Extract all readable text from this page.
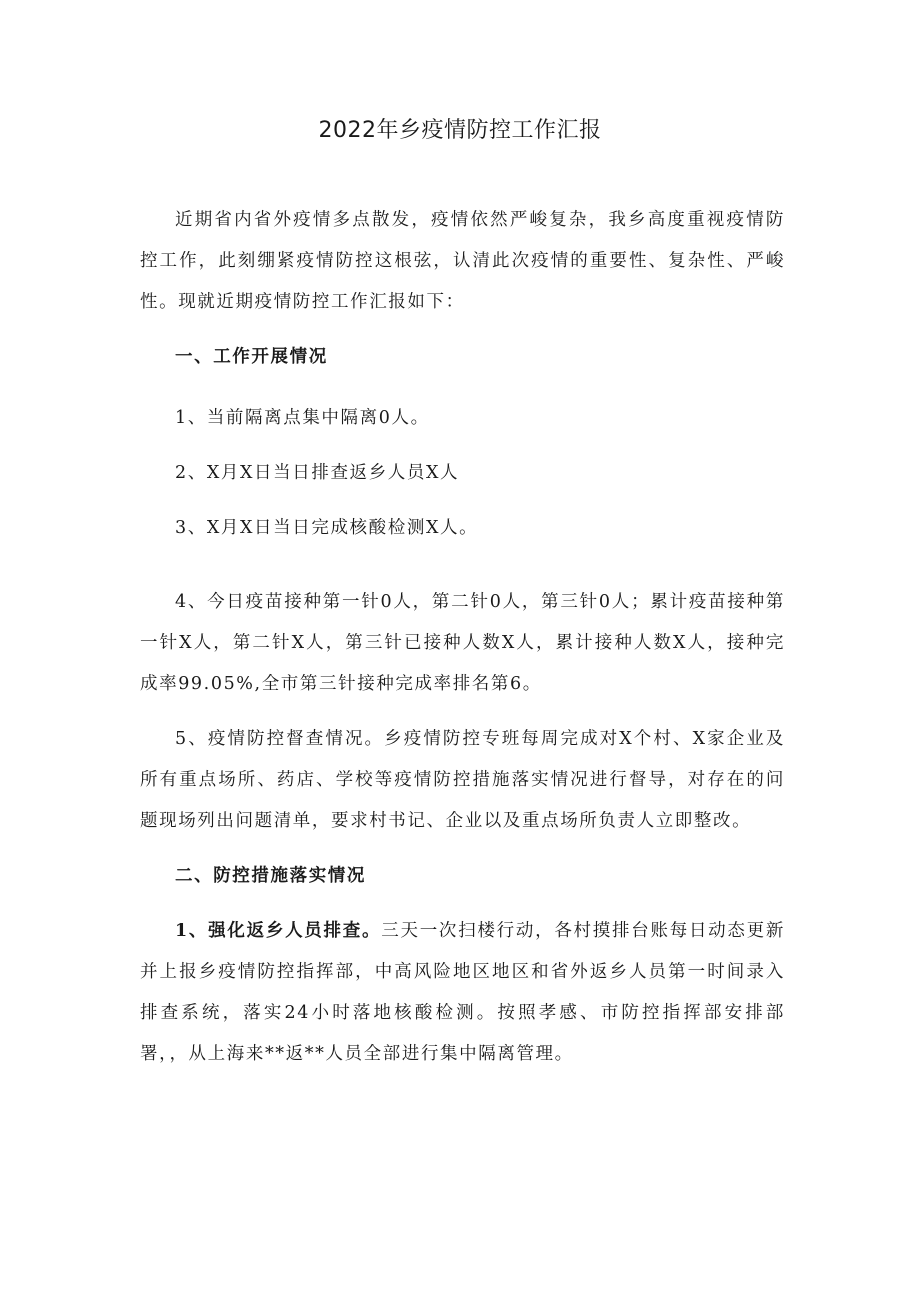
2022年乡疫情防控工作汇报

近期省内省外疫情多点散发，疫情依然严峻复杂，我乡高度重视疫情防控工作，此刻绷紧疫情防控这根弦，认清此次疫情的重要性、复杂性、严峻性。现就近期疫情防控工作汇报如下：

一、工作开展情况

1、当前隔离点集中隔离0人。

2、X月X日当日排查返乡人员X人

3、X月X日当日完成核酸检测X人。

4、今日疫苗接种第一针0人，第二针0人，第三针0人；累计疫苗接种第一针X人，第二针X人，第三针已接种人数X人，累计接种人数X人，接种完成率99.05%,全市第三针接种完成率排名第6。

5、疫情防控督查情况。乡疫情防控专班每周完成对X个村、X家企业及所有重点场所、药店、学校等疫情防控措施落实情况进行督导，对存在的问题现场列出问题清单，要求村书记、企业以及重点场所负责人立即整改。

二、防控措施落实情况

1、强化返乡人员排查。三天一次扫楼行动，各村摸排台账每日动态更新并上报乡疫情防控指挥部，中高风险地区地区和省外返乡人员第一时间录入排查系统，落实24小时落地核酸检测。按照孝感、市防控指挥部安排部署，，从上海来**返**人员全部进行集中隔离管理。
